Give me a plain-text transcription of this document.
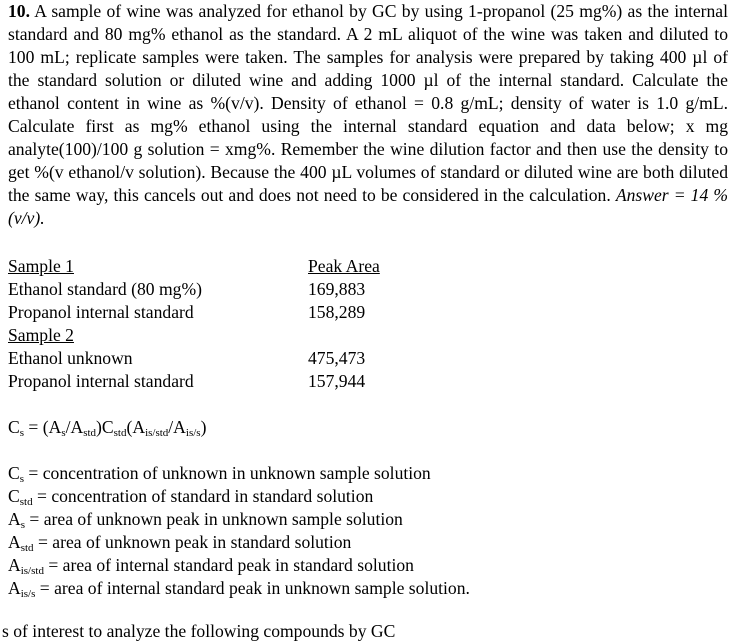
10. A sample of wine was analyzed for ethanol by GC by using 1-propanol (25 mg%) as the internal standard and 80 mg% ethanol as the standard. A 2 mL aliquot of the wine was taken and diluted to 100 mL; replicate samples were taken. The samples for analysis were prepared by taking 400 µl of the standard solution or diluted wine and adding 1000 µl of the internal standard. Calculate the ethanol content in wine as %(v/v). Density of ethanol = 0.8 g/mL; density of water is 1.0 g/mL. Calculate first as mg% ethanol using the internal standard equation and data below; x mg analyte(100)/100 g solution = xmg%. Remember the wine dilution factor and then use the density to get %(v ethanol/v solution). Because the 400 µL volumes of standard or diluted wine are both diluted the same way, this cancels out and does not need to be considered in the calculation. Answer = 14 % (v/v).
Sample 1	Peak Area
Ethanol standard (80 mg%)	169,883
Propanol internal standard	158,289
Sample 2
Ethanol unknown	475,473
Propanol internal standard	157,944
$C_s = (A_s/A_{std})C_{std}(A_{is/std}/A_{is/s})$
$C_s$ = concentration of unknown in unknown sample solution
$C_{std}$ = concentration of standard in standard solution
$A_s$ = area of unknown peak in unknown sample solution
$A_{std}$ = area of unknown peak in standard solution
$A_{is/std}$ = area of internal standard peak in standard solution
$A_{is/s}$ = area of internal standard peak in unknown sample solution.
s of interest to analyze the following compounds by GC
